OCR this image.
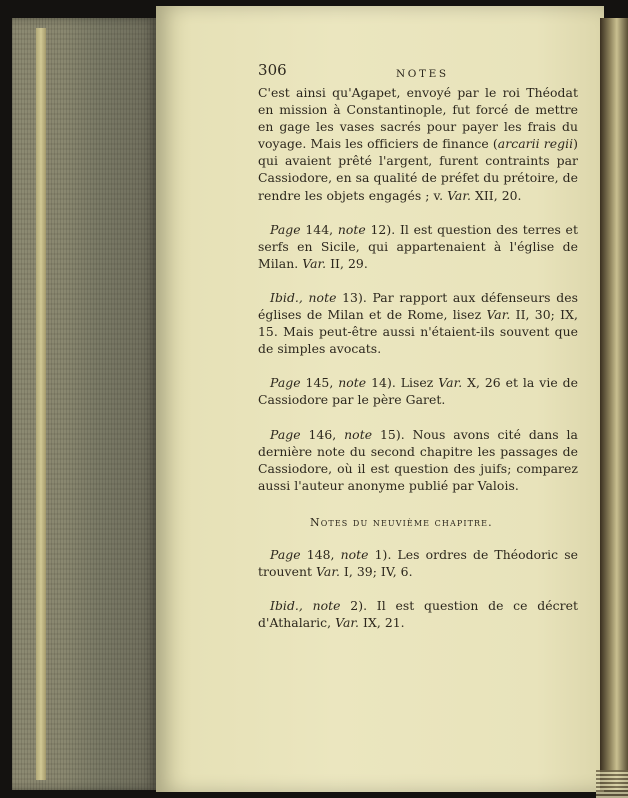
306	NOTES

C'est ainsi qu'Agapet, envoyé par le roi Théodat en mission à Constantinople, fut forcé de mettre en gage les vases sacrés pour payer les frais du voyage. Mais les officiers de finance (arcarii regii) qui avaient prêté l'argent, furent contraints par Cassiodore, en sa qualité de préfet du prétoire, de rendre les objets engagés ; v. Var. XII, 20.

Page 144, note 12). Il est question des terres et serfs en Sicile, qui appartenaient à l'église de Milan. Var. II, 29.

Ibid., note 13). Par rapport aux défenseurs des églises de Milan et de Rome, lisez Var. II, 30; IX, 15. Mais peut-être aussi n'étaient-ils souvent que de simples avocats.

Page 145, note 14). Lisez Var. X, 26 et la vie de Cassiodore par le père Garet.

Page 146, note 15). Nous avons cité dans la dernière note du second chapitre les passages de Cassiodore, où il est question des juifs; comparez aussi l'auteur anonyme publié par Valois.

Notes du neuvième chapitre.

Page 148, note 1). Les ordres de Théodoric se trouvent Var. I, 39; IV, 6.

Ibid., note 2). Il est question de ce décret d'Athalaric, Var. IX, 21.
